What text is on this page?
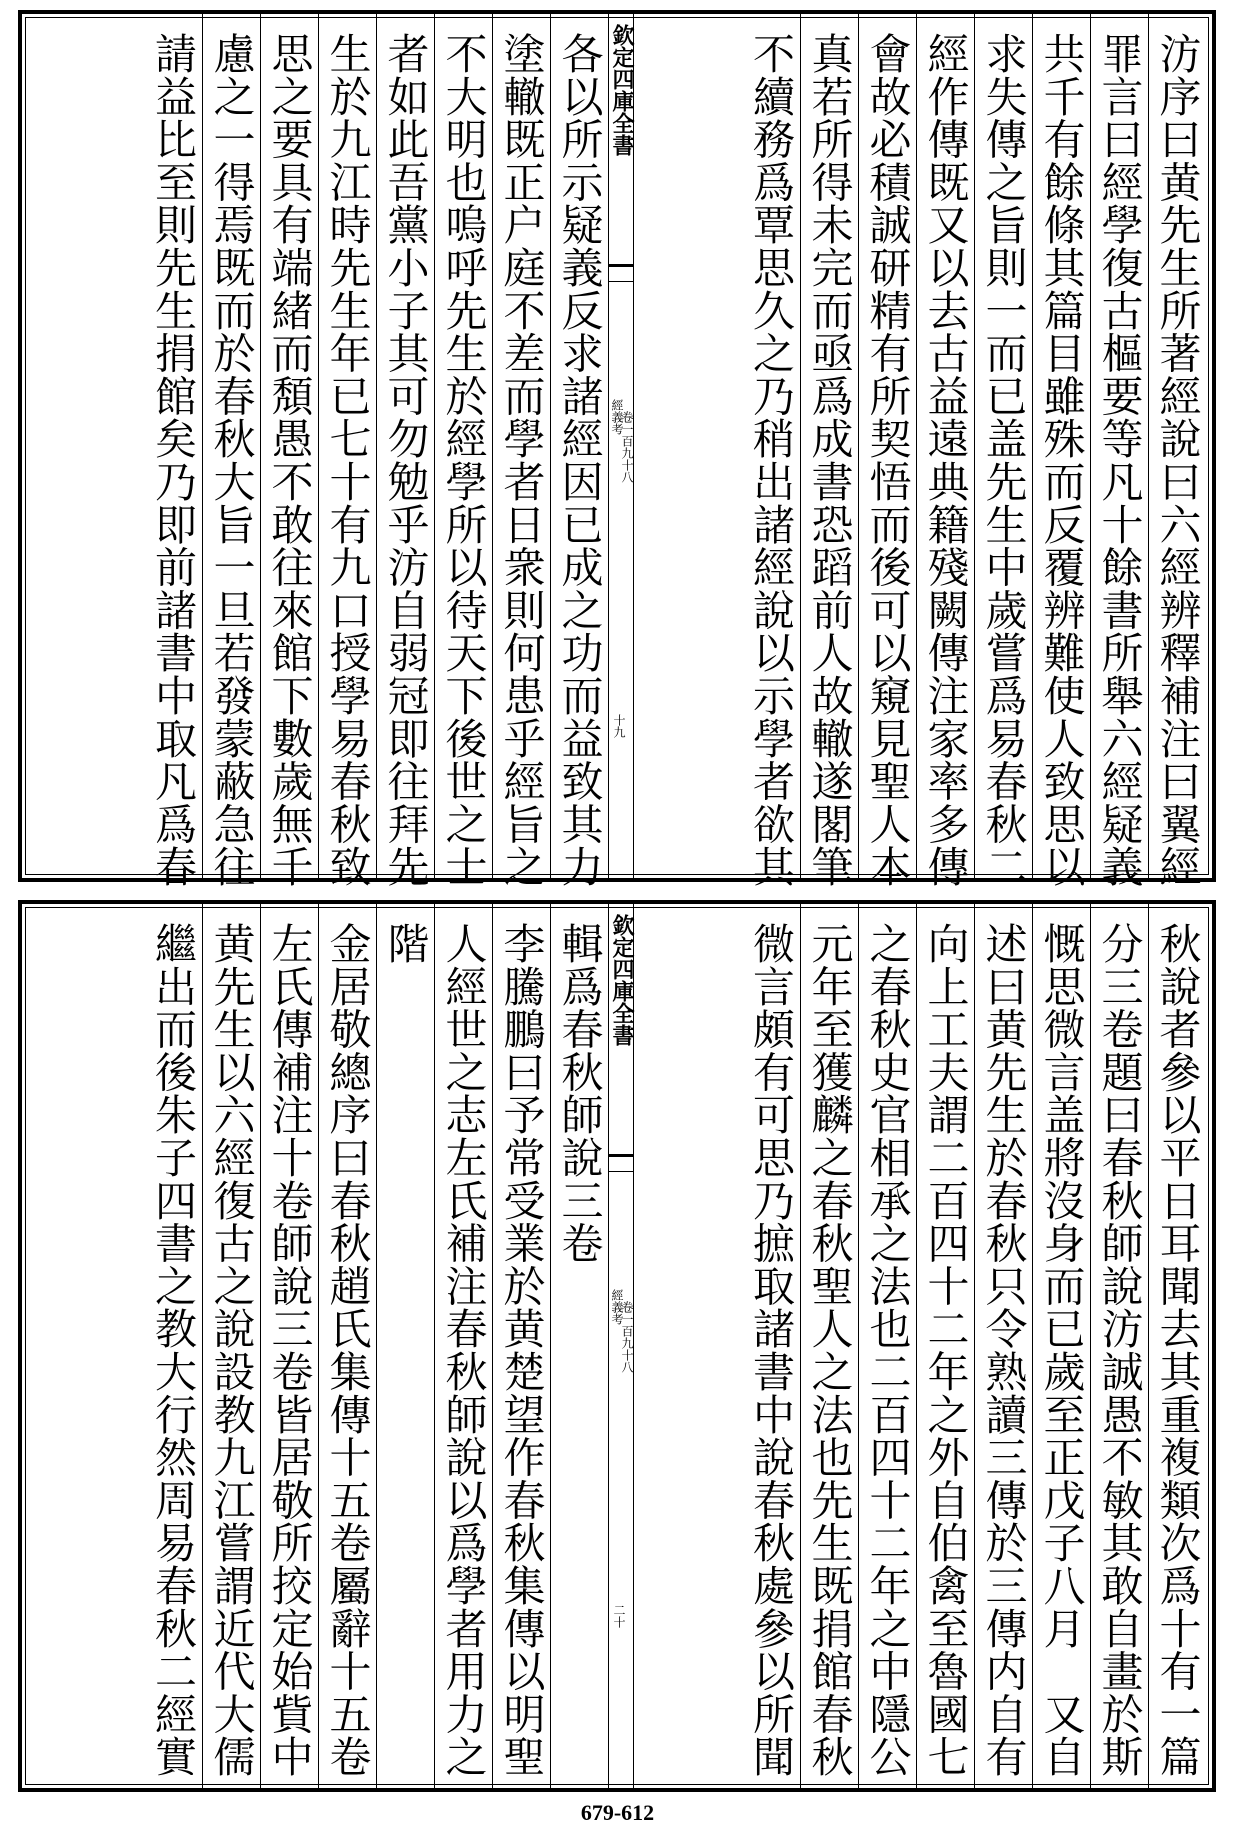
汸序曰黄先生所著經說曰六經辨釋補注曰翼經
罪言曰經學復古樞要等凡十餘書所舉六經疑義
共千有餘條其篇目雖殊而反覆辨難使人致思以
求失傳之旨則一而已盖先生中歲嘗爲易春秋二
經作傳既又以去古益遠典籍殘闕傳注家率多傳
會故必積誠研精有所契悟而後可以窺見聖人本
真若所得未完而亟爲成書恐蹈前人故轍遂閣筆
不續務爲覃思久之乃稍出諸經說以示學者欲其
欽定四庫全書
經義考
卷一百九十八
十九
各以所示疑義反求諸經因已成之功而益致其力
塗轍既正户庭不差而學者日衆則何患乎經旨之
不大明也嗚呼先生於經學所以待天下後世之士
者如此吾黨小子其可勿勉乎汸自弱冠即往拜先
生於九江時先生年已七十有九口授學易春秋致
思之要具有端緒而頽愚不敢往來館下數歲無千
慮之一得焉既而於春秋大旨一旦若發蒙蔽急往
請益比至則先生捐館矣乃即前諸書中取凡爲春
秋說者參以平日耳聞去其重複類次爲十有一篇
分三卷題曰春秋師說汸誠愚不敏其敢自畫於斯
慨思微言盖將沒身而已歲至正戊子八月　又自
述曰黄先生於春秋只令熟讀三傳於三傳内自有
向上工夫謂二百四十二年之外自伯禽至魯國七
之春秋史官相承之法也二百四十二年之中隱公
元年至獲麟之春秋聖人之法也先生既捐館春秋
微言頗有可思乃摭取諸書中說春秋處參以所聞
欽定四庫全書
經義考
卷一百九十八
二十
輯爲春秋師說三卷
李騰鵬曰予常受業於黄楚望作春秋集傳以明聖
人經世之志左氏補注春秋師說以爲學者用力之
階
金居敬總序曰春秋趙氏集傳十五卷屬辭十五卷
左氏傳補注十卷師說三卷皆居敬所挍定始貲中
黄先生以六經復古之說設教九江嘗謂近代大儒
繼出而後朱子四書之教大行然周易春秋二經實
679-612
